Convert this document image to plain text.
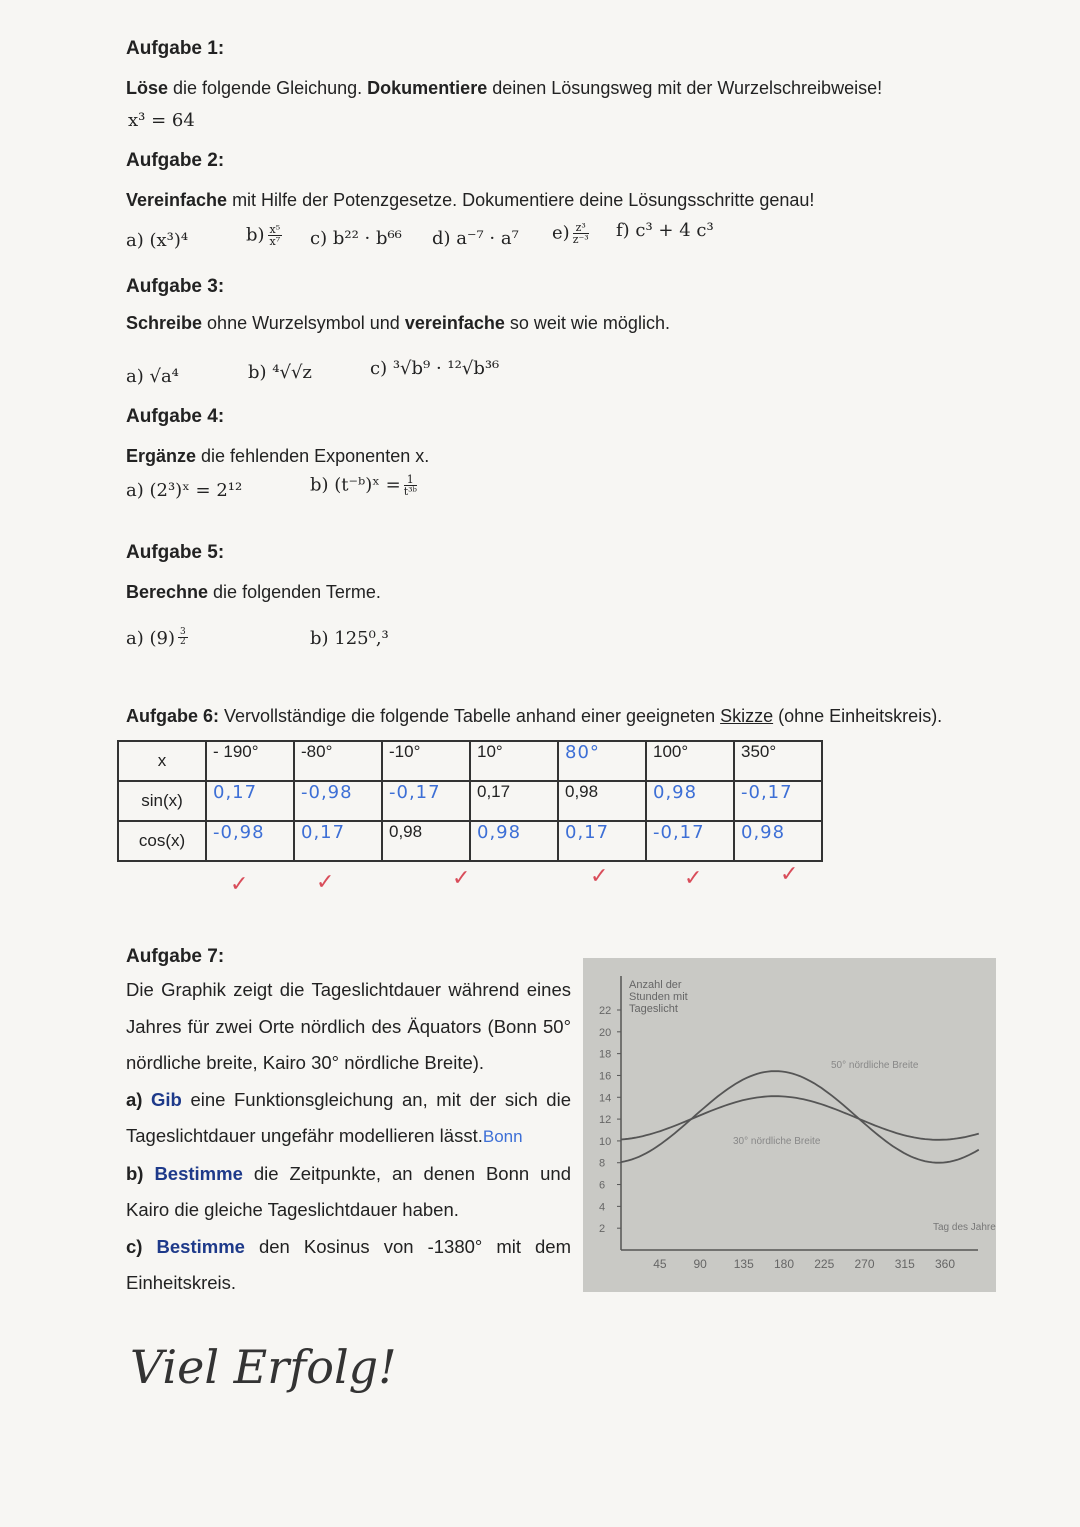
Aufgabe 1:
Löse die folgende Gleichung. Dokumentiere deinen Lösungsweg mit der Wurzelschreibweise!
x³ = 64
Aufgabe 2:
Vereinfache mit Hilfe der Potenzgesetze. Dokumentiere deine Lösungsschritte genau!
a) (x³)⁴	$b) \frac{\text{x⁵}}{\text{x⁷}} c$) b²² · b⁶⁶ d) a⁻⁷ · a⁷ $e) \frac{\text{z³}}{\text{z⁻³}} f$) c³ + 4 c³
Aufgabe 3:
Schreibe ohne Wurzelsymbol und vereinfache so weit wie möglich.
a) √a⁴	b) ⁴√√z	c) ³√b⁹ · ¹²√b³⁶
Aufgabe 4:
Ergänze die fehlenden Exponenten x.
a) (2³)ˣ = 2¹²	b) (t⁻ᵇ)ˣ = $\frac{1}{\text{t³ᵇ}}$
Aufgabe 5:
Berechne die folgenden Terme.
a) $(9) \frac{3}{2}$	b) 125⁰,³
Aufgabe 6: Vervollständige die folgende Tabelle anhand einer geeigneten Skizze (ohne Einheitskreis).
x	- 190°	-80°	-10°	10°	80°	100°	350°
sin(x)	0,17	-0,98	-0,17	0,17	0,98	0,98	-0,17
cos(x)	-0,98	0,17	0,98	0,98	0,17	-0,17	0,98
✓	✓	✓	✓	✓	✓
Aufgabe 7:

Die Graphik zeigt die Tageslichtdauer während eines Jahres für zwei Orte nördlich des Äquators (Bonn 50° nördliche breite, Kairo 30° nördliche Breite).

a) Gib eine Funktionsgleichung an, mit der sich die Tageslichtdauer ungefähr modellieren lässt.Bonn

b) Bestimme die Zeitpunkte, an denen Bonn und Kairo die gleiche Tageslichtdauer haben.

c) Bestimme den Kosinus von -1380° mit dem Einheitskreis.

2
4
6
8
10
12
14
16
18
20
22
45 90 135 180 225 270 315 360
Anzahl der
Stunden mit
Tageslicht
50° nördliche Breite
30° nördliche Breite
Tag des Jahres
Viel Erfolg!
